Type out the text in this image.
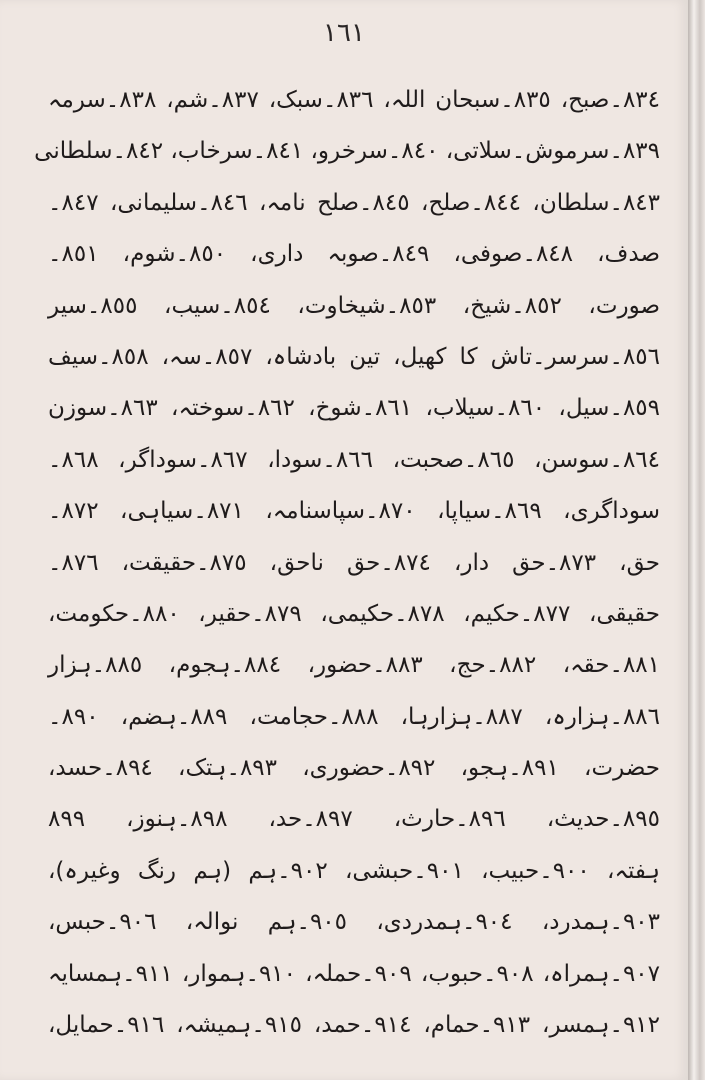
١٦١
٨٣٤۔صبح، ٨٣٥۔سبحان اللہ، ٨٣٦۔سبک، ٨٣٧۔شم، ٨٣٨۔سرمہ
٨٣٩۔سرموش۔سلاتی، ٨٤٠۔سرخرو، ٨٤١۔سرخاب، ٨٤٢۔سلطانی
٨٤٣۔سلطان، ٨٤٤۔صلح، ٨٤٥۔صلح نامہ، ٨٤٦۔سلیمانی، ٨٤٧۔
صدف، ٨٤٨۔صوفی، ٨٤٩۔صوبہ داری، ٨٥٠۔شوم، ٨٥١۔
صورت، ٨٥٢۔شیخ، ٨٥٣۔شیخاوت، ٨٥٤۔سیب، ٨٥٥۔سیر
٨٥٦۔سرسر۔تاش کا کھیل، تین بادشاہ، ٨٥٧۔سہ، ٨٥٨۔سیف
٨٥٩۔سیل، ٨٦٠۔سیلاب، ٨٦١۔شوخ، ٨٦٢۔سوختہ، ٨٦٣۔سوزن
٨٦٤۔سوسن، ٨٦٥۔صحبت، ٨٦٦۔سودا، ٨٦٧۔سوداگر، ٨٦٨۔
سوداگری، ٨٦٩۔سیاپا، ٨٧٠۔سپاسنامہ، ٨٧١۔سیاہی، ٨٧٢۔
حق، ٨٧٣۔حق دار، ٨٧٤۔حق ناحق، ٨٧٥۔حقیقت، ٨٧٦۔
حقیقی، ٨٧٧۔حکیم، ٨٧٨۔حکیمی، ٨٧٩۔حقیر، ٨٨٠۔حکومت،
٨٨١۔حقہ، ٨٨٢۔حج، ٨٨٣۔حضور، ٨٨٤۔ہجوم، ٨٨٥۔ہزار
٨٨٦۔ہزارہ، ٨٨٧۔ہزارہا، ٨٨٨۔حجامت، ٨٨٩۔ہضم، ٨٩٠۔
حضرت، ٨٩١۔ہجو، ٨٩٢۔حضوری، ٨٩٣۔ہتک، ٨٩٤۔حسد،
٨٩٥۔حدیث، ٨٩٦۔حارث، ٨٩٧۔حد، ٨٩٨۔ہنوز، ٨٩٩
ہفتہ، ٩٠٠۔حبیب، ٩٠١۔حبشی، ٩٠٢۔ہم (ہم رنگ وغیرہ)،
٩٠٣۔ہمدرد، ٩٠٤۔ہمدردی، ٩٠٥۔ہم نوالہ، ٩٠٦۔حبس،
٩٠٧۔ہمراہ، ٩٠٨۔حبوب، ٩٠٩۔حملہ، ٩١٠۔ہموار، ٩١١۔ہمسایہ
٩١٢۔ہمسر، ٩١٣۔حمام، ٩١٤۔حمد، ٩١٥۔ہمیشہ، ٩١٦۔حمایل،
